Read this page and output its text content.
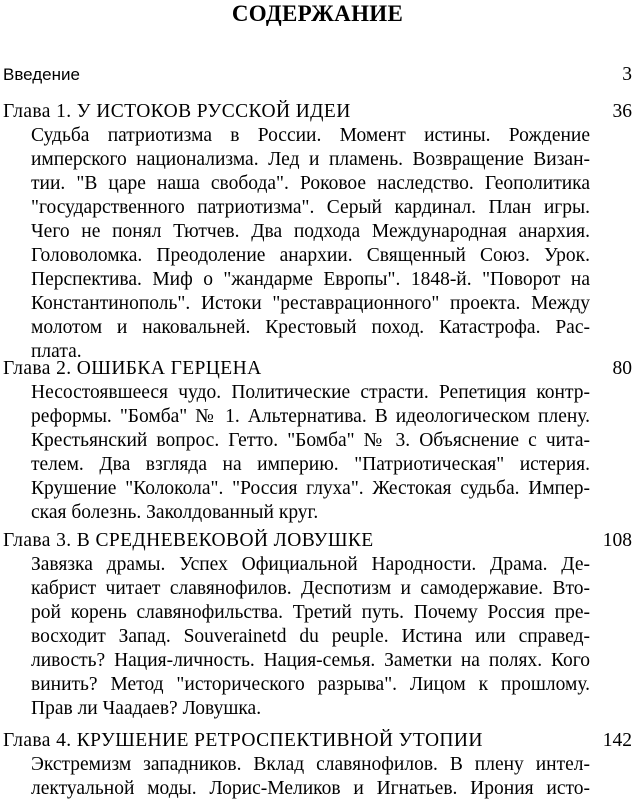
СОДЕРЖАНИЕ
Введение	3
Глава 1. У ИСТОКОВ РУССКОЙ ИДЕИ	36
Судьба патриотизма в России. Момент истины. Рождение
имперского национализма. Лед и пламень. Возвращение Визан-
тии. "В царе наша свобода". Роковое наследство. Геополитика
"государственного патриотизма". Серый кардинал. План игры.
Чего не понял Тютчев. Два подхода Международная анархия.
Головоломка. Преодоление анархии. Священный Союз. Урок.
Перспектива. Миф о "жандарме Европы". 1848-й. "Поворот на
Константинополь". Истоки "реставрационного" проекта. Между
молотом и наковальней. Крестовый поход. Катастрофа. Рас-
плата.
Глава 2. ОШИБКА ГЕРЦЕНА	80
Несостоявшееся чудо. Политические страсти. Репетиция контр-
реформы. "Бомба" № 1. Альтернатива. В идеологическом плену.
Крестьянский вопрос. Гетто. "Бомба" № 3. Объяснение с чита-
телем. Два взгляда на империю. "Патриотическая" истерия.
Крушение "Колокола". "Россия глуха". Жестокая судьба. Импер-
ская болезнь. Заколдованный круг.
Глава 3. В СРЕДНЕВЕКОВОЙ ЛОВУШКЕ	108
Завязка драмы. Успех Официальной Народности. Драма. Де-
кабрист читает славянофилов. Деспотизм и самодержавие. Вто-
рой корень славянофильства. Третий путь. Почему Россия пре-
восходит Запад. Souverainetd du peuple. Истина или справед-
ливость? Нация-личность. Нация-семья. Заметки на полях. Кого
винить? Метод "исторического разрыва". Лицом к прошлому.
Прав ли Чаадаев? Ловушка.
Глава 4. КРУШЕНИЕ РЕТРОСПЕКТИВНОЙ УТОПИИ	142
Экстремизм западников. Вклад славянофилов. В плену интел-
лектуальной моды. Лорис-Меликов и Игнатьев. Ирония исто-
